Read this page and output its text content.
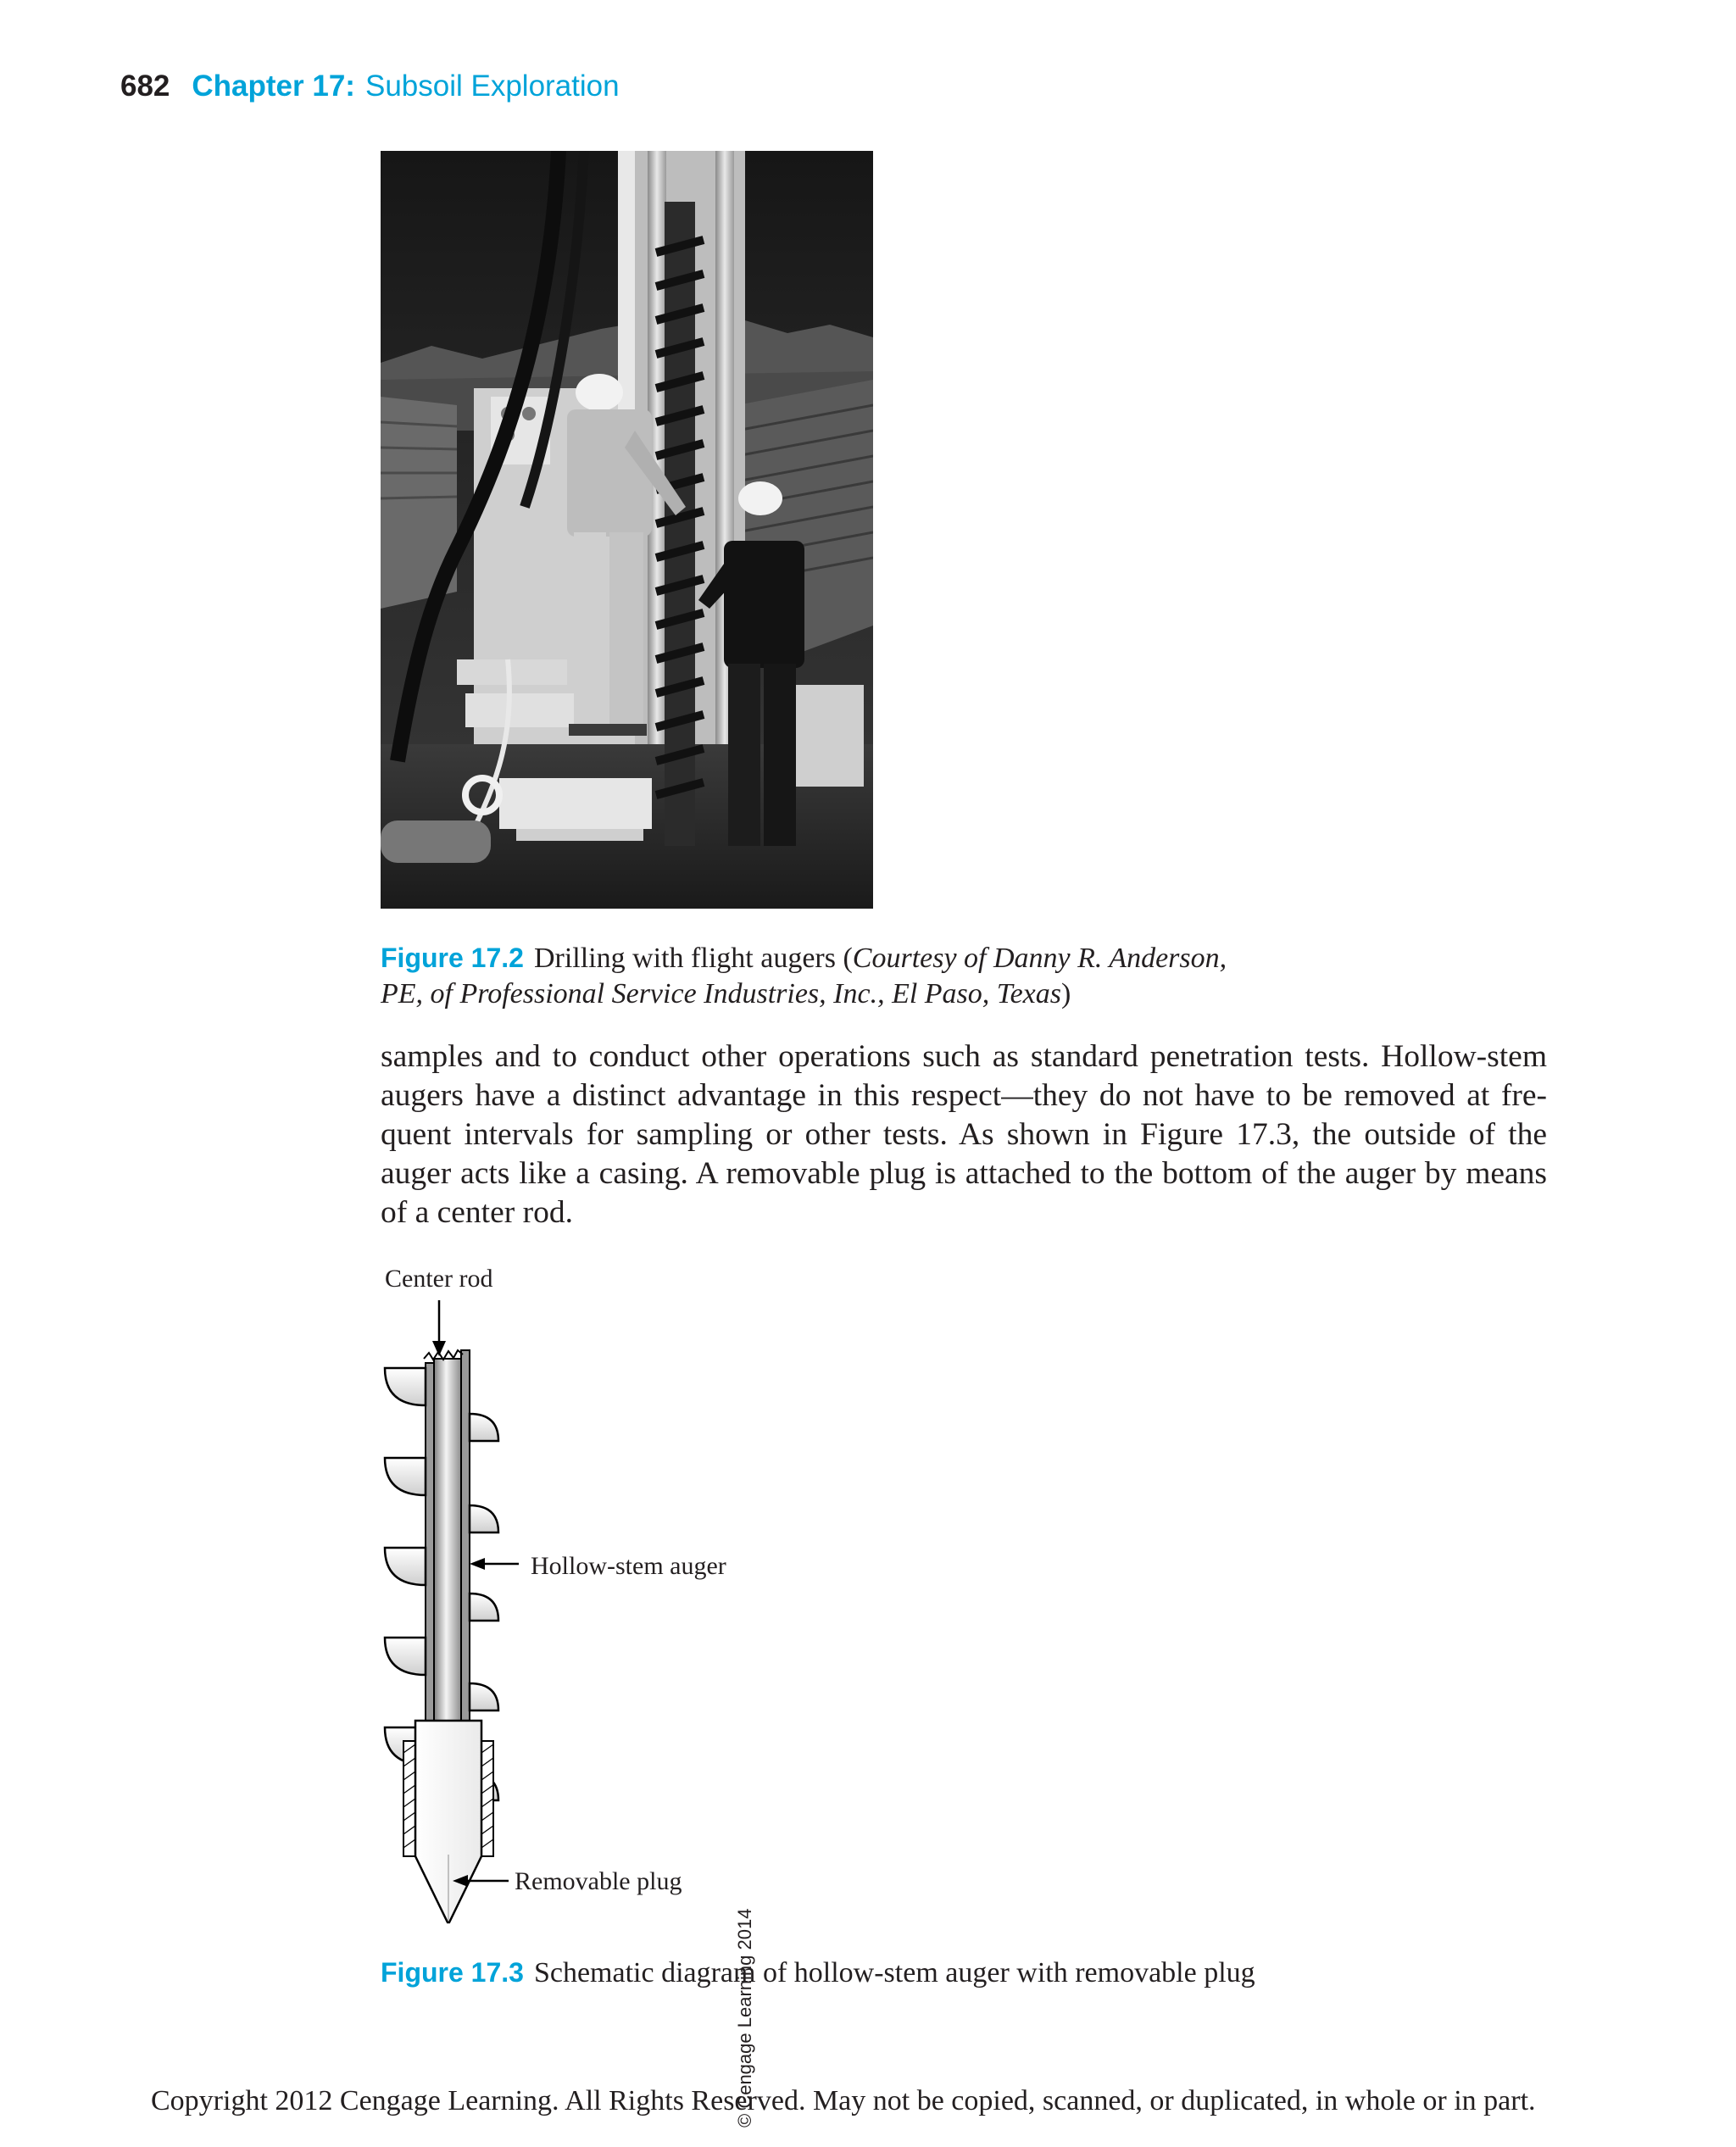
682 Chapter 17: Subsoil Exploration
Figure 17.2 Drilling with flight augers (Courtesy of Danny R. Anderson,
PE, of Professional Service Industries, Inc., El Paso, Texas)
samples and to conduct other operations such as standard penetration tests. Hollow-stem augers have a distinct advantage in this respect—they do not have to be removed at frequent intervals for sampling or other tests. As shown in Figure 17.3, the outside of the auger acts like a casing. A removable plug is attached to the bottom of the auger by means of a center rod.
Center rod
Hollow-stem auger
Removable plug
© Cengage Learning 2014
Figure 17.3 Schematic diagram of hollow-stem auger with removable plug
Copyright 2012 Cengage Learning. All Rights Reserved. May not be copied, scanned, or duplicated, in whole or in part.
